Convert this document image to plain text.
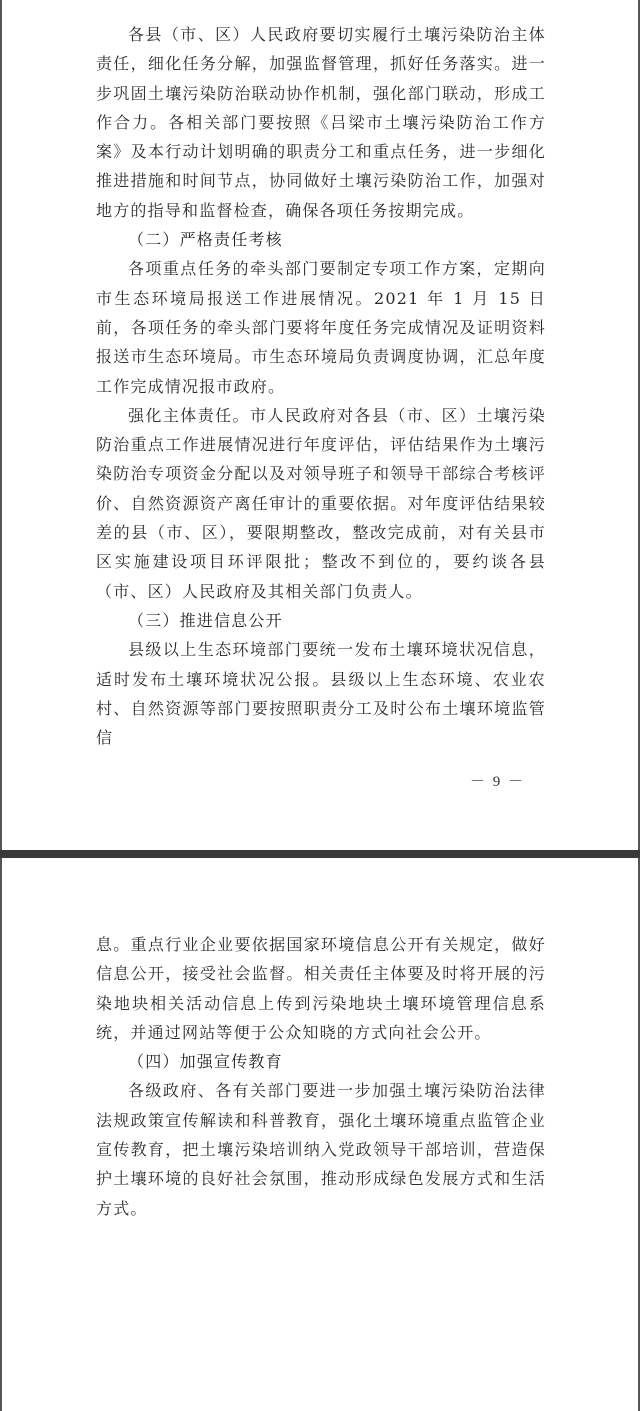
各县（市、区）人民政府要切实履行土壤污染防治主体责任，细化任务分解，加强监督管理，抓好任务落实。进一步巩固土壤污染防治联动协作机制，强化部门联动，形成工作合力。各相关部门要按照《吕梁市土壤污染防治工作方案》及本行动计划明确的职责分工和重点任务，进一步细化推进措施和时间节点，协同做好土壤污染防治工作，加强对地方的指导和监督检查，确保各项任务按期完成。

（二）严格责任考核

各项重点任务的牵头部门要制定专项工作方案，定期向市生态环境局报送工作进展情况。2021 年 1 月 15 日前，各项任务的牵头部门要将年度任务完成情况及证明资料报送市生态环境局。市生态环境局负责调度协调，汇总年度工作完成情况报市政府。

强化主体责任。市人民政府对各县（市、区）土壤污染防治重点工作进展情况进行年度评估，评估结果作为土壤污染防治专项资金分配以及对领导班子和领导干部综合考核评价、自然资源资产离任审计的重要依据。对年度评估结果较差的县（市、区），要限期整改，整改完成前，对有关县市区实施建设项目环评限批；整改不到位的，要约谈各县（市、区）人民政府及其相关部门负责人。

（三）推进信息公开

县级以上生态环境部门要统一发布土壤环境状况信息，适时发布土壤环境状况公报。县级以上生态环境、农业农村、自然资源等部门要按照职责分工及时公布土壤环境监管信

－ 9 －

息。重点行业企业要依据国家环境信息公开有关规定，做好信息公开，接受社会监督。相关责任主体要及时将开展的污染地块相关活动信息上传到污染地块土壤环境管理信息系统，并通过网站等便于公众知晓的方式向社会公开。

（四）加强宣传教育

各级政府、各有关部门要进一步加强土壤污染防治法律法规政策宣传解读和科普教育，强化土壤环境重点监管企业宣传教育，把土壤污染培训纳入党政领导干部培训，营造保护土壤环境的良好社会氛围，推动形成绿色发展方式和生活方式。
